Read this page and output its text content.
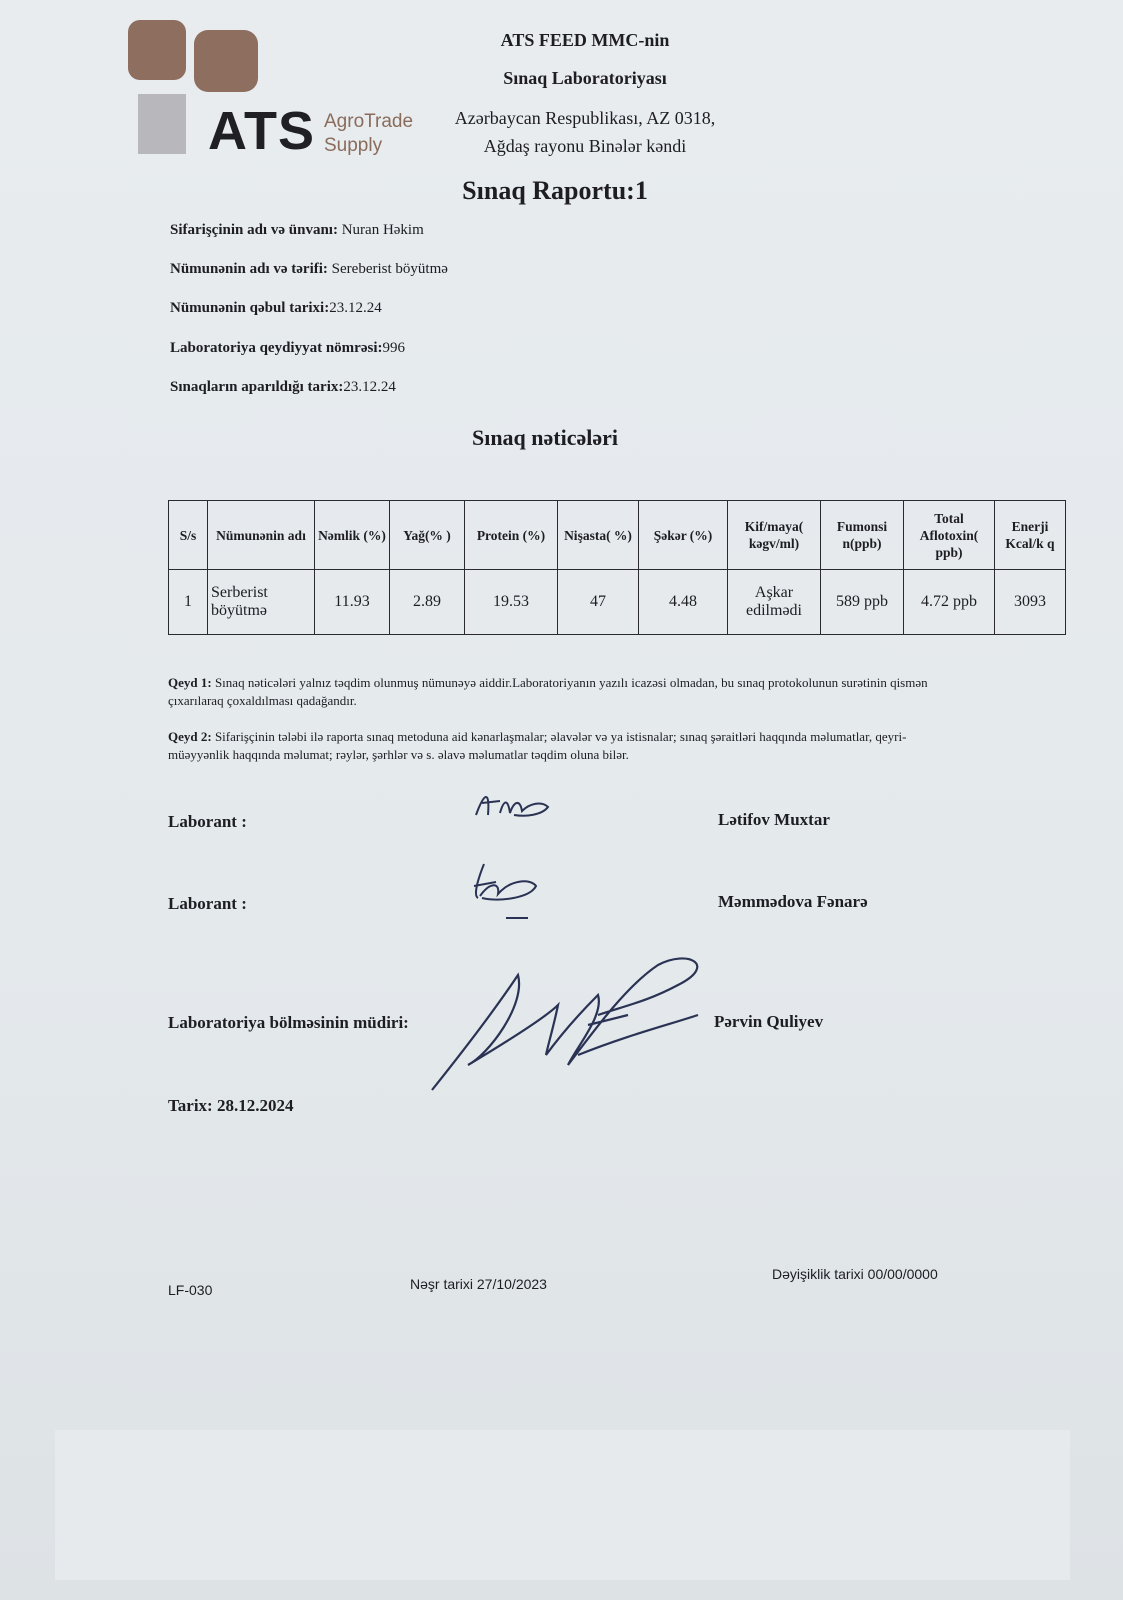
ATS AgroTrade
Supply
ATS FEED MMC-nin
Sınaq Laboratoriyası
Azərbaycan Respublikası, AZ 0318,
Ağdaş rayonu Binələr kəndi
Sınaq Raportu:1
Sifarişçinin adı və ünvanı: Nuran Həkim
Nümunənin adı və tərifi: Sereberist böyütmə
Nümunənin qəbul tarixi:23.12.24
Laboratoriya qeydiyyat nömrəsi:996
Sınaqların aparıldığı tarix:23.12.24
Sınaq nəticələri
S/s	Nümunənin adı	Nəmlik (%)	Yağ(% )	Protein (%)	Nişasta( %)	Şəkər (%)	Kif/maya( kəgv/ml)	Fumonsi n(ppb)	Total Aflotoxin( ppb)	Enerji Kcal/k q
1	Serberist böyütmə	11.93	2.89	19.53	47	4.48	Aşkar edilmədi	589 ppb	4.72 ppb	3093
Qeyd 1: Sınaq nəticələri yalnız təqdim olunmuş nümunəyə aiddir.Laboratoriyanın yazılı icazəsi olmadan, bu sınaq protokolunun surətinin qismən çıxarılaraq çoxaldılması qadağandır.
Qeyd 2: Sifarişçinin tələbi ilə raporta sınaq metoduna aid kənarlaşmalar; əlavələr və ya istisnalar; sınaq şəraitləri haqqında məlumatlar, qeyri-müəyyənlik haqqında məlumat; rəylər, şərhlər və s. əlavə məlumatlar təqdim oluna bilər.
Laborant :	Lətifov Muxtar
Laborant :	Məmmədova Fənarə
Laboratoriya bölməsinin müdiri:	Pərvin Quliyev
Tarix: 28.12.2024
LF-030	Nəşr tarixi 27/10/2023
Dəyişiklik tarixi 00/00/0000
